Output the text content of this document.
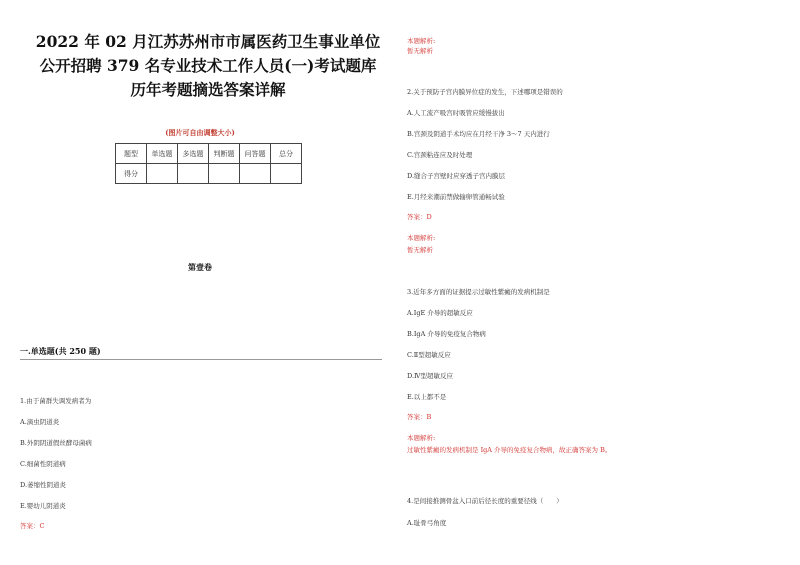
2022 年 02 月江苏苏州市市属医药卫生事业单位
公开招聘 379 名专业技术工作人员(一)考试题库
历年考题摘选答案详解
(图片可自由调整大小)
题型	单选题	多选题	判断题	问答题	总分
得分					
第壹卷
一.单选题(共 250 题)
1.由于菌群失调发病者为
A.滴虫阴道炎
B.外阴阴道假丝酵母菌病
C.细菌性阴道病
D.萎缩性阴道炎
E.婴幼儿阴道炎
答案：C
本题解析:
暂无解析
2.关于预防子宫内膜异位症的发生，下述哪项是错误的
A.人工流产吸宫时吸管应缓慢拔出
B.宫颈及阴道手术均应在月经干净 3～7 天内进行
C.宫颈粘连应及时处理
D.缝合子宫壁时应穿透子宫内膜层
E.月经来潮前禁做输卵管通畅试验
答案：D
本题解析:
暂无解析
3.近年多方面的证据提示过敏性紫癜的发病机制是
A.IgE 介导的超敏反应
B.IgA 介导的免疫复合物病
C.Ⅱ型超敏反应
D.Ⅳ型超敏反应
E.以上都不是
答案：B
本题解析:
过敏性紫癜的发病机制是 IgA 介导的免疫复合物病，故正确答案为 B。
4.是间接推测骨盆入口前后径长度的重要径线（　　）
A.耻骨弓角度
